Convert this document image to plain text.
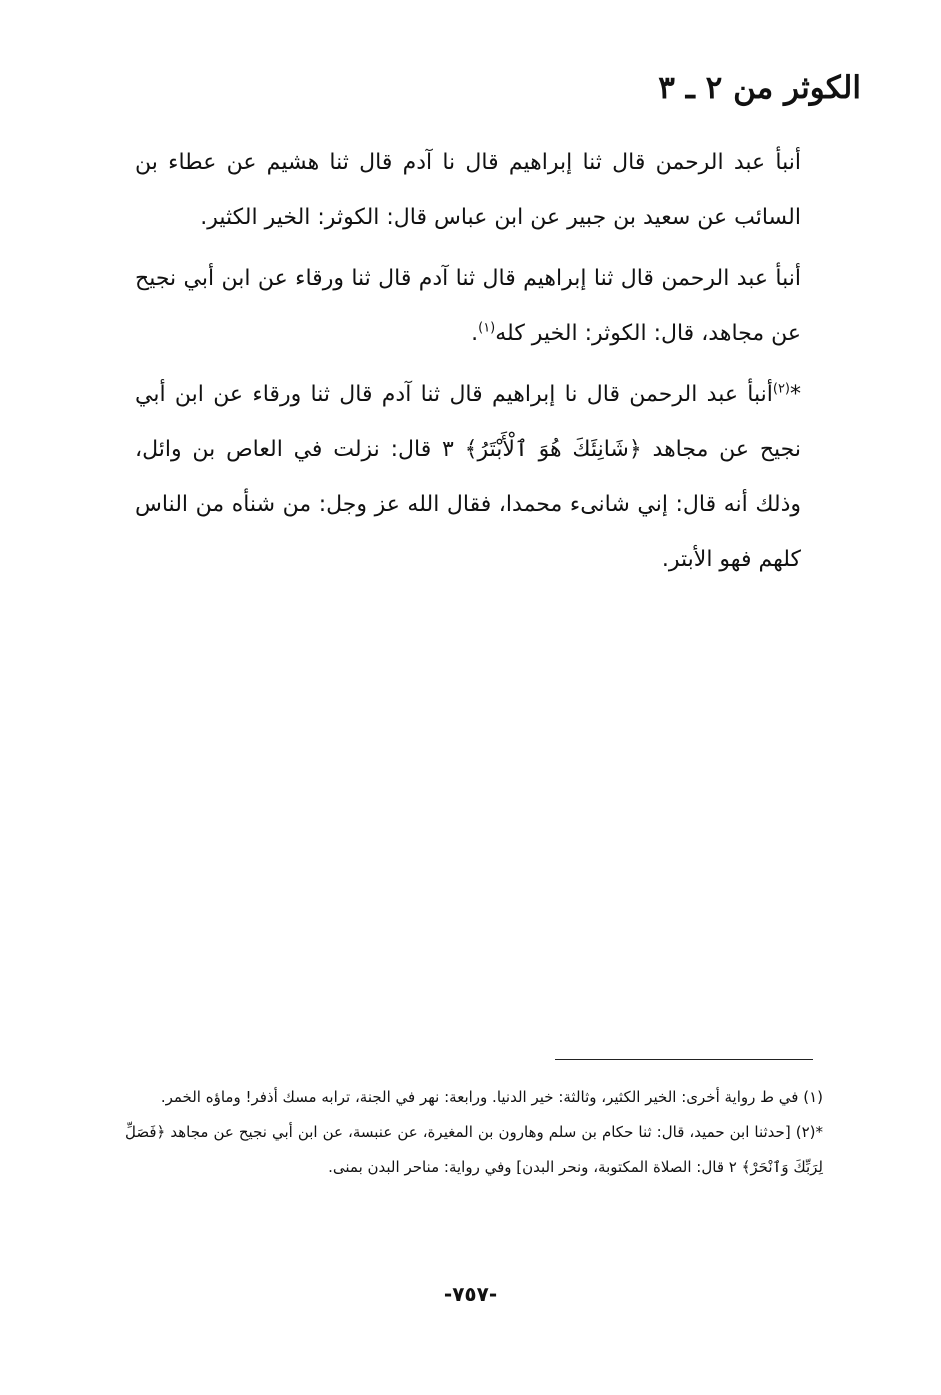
الكوثر من ٢ ـ ٣

أنبأ عبد الرحمن قال ثنا إبراهيم قال نا آدم قال ثنا هشيم عن عطاء بن السائب عن سعيد بن جبير عن ابن عباس قال: الكوثر: الخير الكثير.

أنبأ عبد الرحمن قال ثنا إبراهيم قال ثنا آدم قال ثنا ورقاء عن ابن أبي نجيح عن مجاهد، قال: الكوثر: الخير كله$^{(١)}$.

*$^{(٢)}$أنبأ عبد الرحمن قال نا إبراهيم قال ثنا آدم قال ثنا ورقاء عن ابن أبي نجيح عن مجاهد ﴿شَانِئَكَ هُوَ ٱلْأَبْتَرُ﴾ ٣ قال: نزلت في العاص بن وائل، وذلك أنه قال: إني شانىء محمدا، فقال الله عز وجل: من شنأه من الناس كلهم فهو الأبتر.

(١) في ط رواية أخرى: الخير الكثير، وثالثة: خير الدنيا. ورابعة: نهر في الجنة، ترابه مسك أذفر! وماؤه الخمر.

*(٢) [حدثنا ابن حميد، قال: ثنا حكام بن سلم وهارون بن المغيرة، عن عنبسة، عن ابن أبي نجيح عن مجاهد ﴿فَصَلِّ لِرَبِّكَ وَٱنْحَرْ﴾ ٢ قال: الصلاة المكتوبة، ونحر البدن] وفي رواية: مناحر البدن بمنى.

-٧٥٧-
